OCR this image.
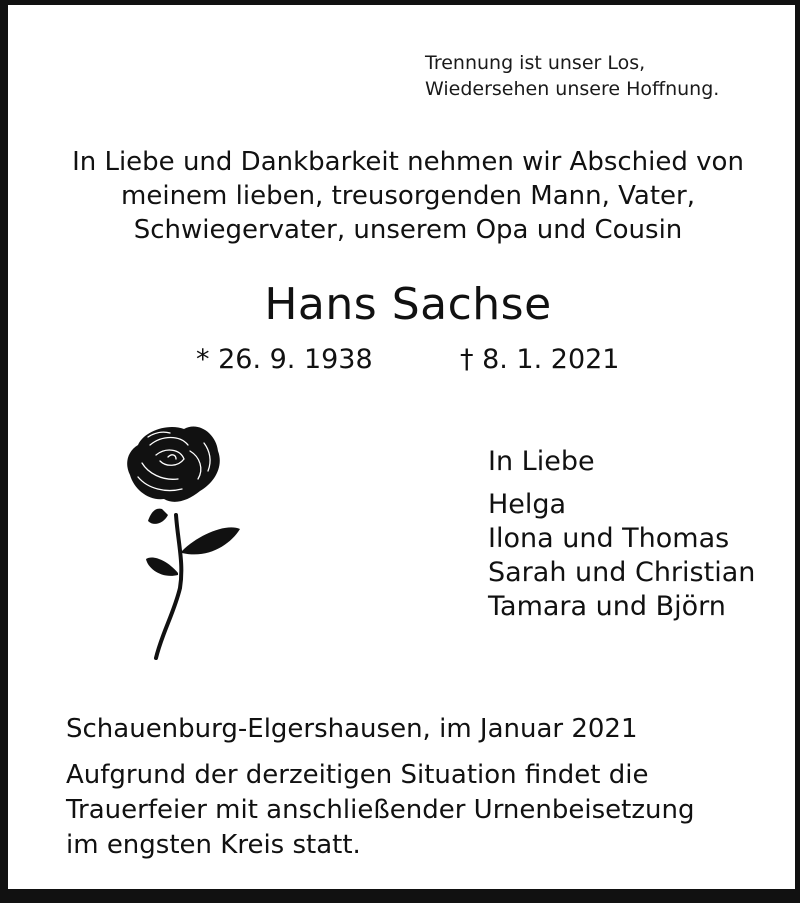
Trennung ist unser Los,
Wiedersehen unsere Hoffnung.
In Liebe und Dankbarkeit nehmen wir Abschied von
meinem lieben, treusorgenden Mann, Vater,
Schwiegervater, unserem Opa und Cousin
Hans Sachse
* 26. 9. 1938	† 8. 1. 2021
In Liebe
Helga
Ilona und Thomas
Sarah und Christian
Tamara und Björn
Schauenburg-Elgershausen, im Januar 2021
Aufgrund der derzeitigen Situation findet die
Trauerfeier mit anschließender Urnenbeisetzung
im engsten Kreis statt.
